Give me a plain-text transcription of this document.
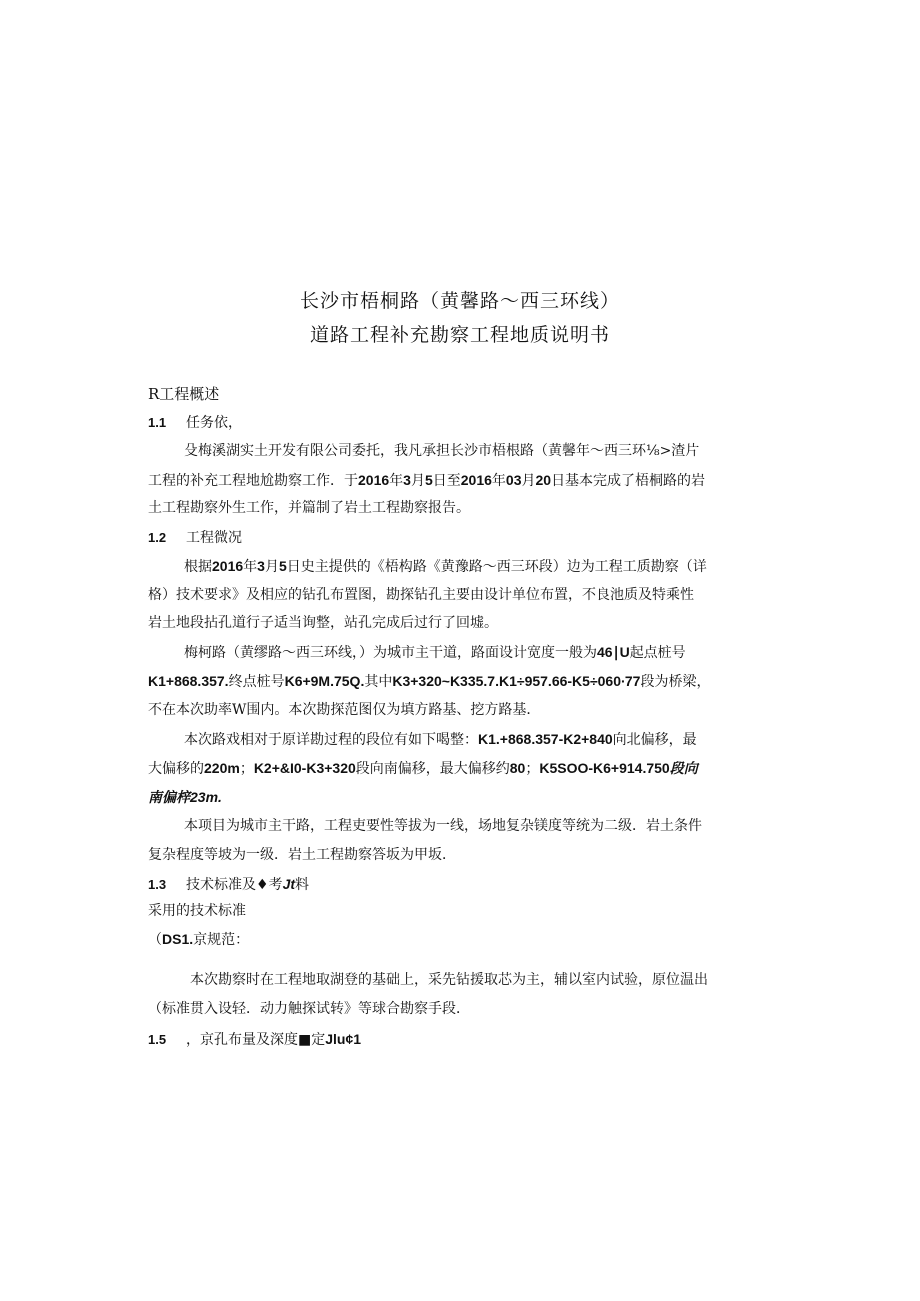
长沙市梧桐路（黄馨路～西三环线）
道路工程补充勘察工程地质说明书
R工程概述
1.1 任务依，
殳梅溪湖实土开发有限公司委托，我凡承担长沙市梧根路（黄馨年～西三环⅛>渣片
工程的补充工程地尬勘察工作．于2016年3月5日至2016年03月20日基本完成了梧桐路的岩
土工程勘察外生工作，并篇制了岩土工程勘察报告。
1.2 工程微况
根据2016年3月5日史主提供的《梧构路《黄豫路～西三环段）边为工程工质勘察（详
格）技术要求》及相应的钻孔布置图，勘探钻孔主要由设计单位布置，不良池质及特乘性
岩土地段拈孔道行子适当询整，站孔完成后过行了回墟。
梅柯路（黄缪路～西三环线，）为城市主干道，路面设计宽度一般为46∣U起点桩号
K1+868.357.终点桩号K6+9M.75Q.其中K3+320~K335.7.K1÷957.66-K5÷060∙77段为桥梁，
不在本次助率W围内。本次勘探范图仅为填方路基、挖方路基．
本次路戏相对于原详勘过程的段位有如下喝整：K1.+868.357-K2+840向北偏移，最
大偏移的220m；K2+&I0-K3+320段向南偏移，最大偏移约80；K5SOO-K6+914.750段向
南偏梓23m.
本项目为城市主干路，工程吏要性等拔为一线，场地复杂镁度等统为二级．岩土条件
复杂程度等坡为一级．岩土工程勘察答坂为甲坂．
1.3 技术标准及♦考Jt料
采用的技术标准
（DS1.京规范：
本次勘察时在工程地取湖登的基础上，采先钻援取芯为主，辅以室内试验，原位温出
（标准贯入设轻．动力触探试转》等球合勘察手段．
1.5 ，京孔布量及深度■定Jlu¢1
